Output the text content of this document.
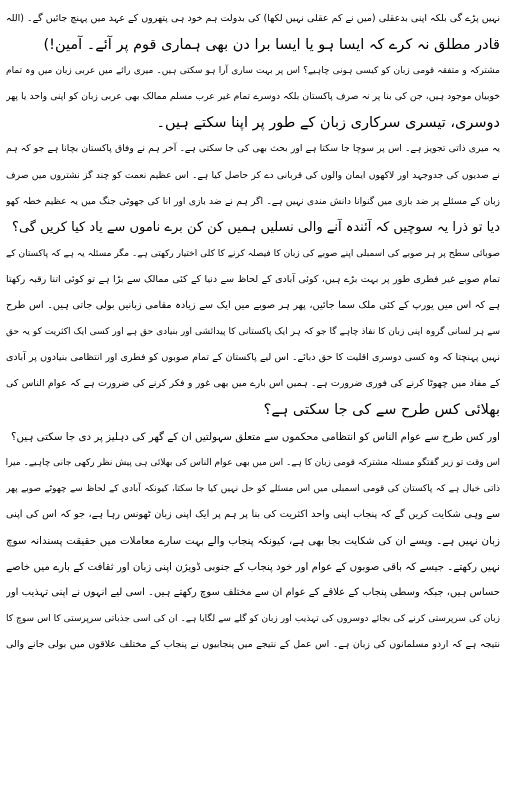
نہیں پڑے گی بلکہ اپنی بدعقلی (میں نے کم عقلی نہیں لکھا) کی بدولت ہم خود ہی پتھروں کے عہد میں پہنچ جائیں گے۔ (اللہ
قادر مطلق نہ کرے کہ ایسا ہو یا ایسا برا دن بھی ہماری قوم پر آئے۔ آمین!)
مشترکہ و متفقہ قومی زبان کو کیسی ہونی چاہیے؟ اس پر بہت ساری آرا ہو سکتی ہیں۔ میری رائے میں عربی زبان میں وہ تمام
خوبیاں موجود ہیں، جن کی بنا پر نہ صرف پاکستان بلکہ دوسرے تمام غیر عرب مسلم ممالک بھی عربی زبان کو اپنی واحد یا پھر
دوسری، تیسری سرکاری زبان کے طور پر اپنا سکتے ہیں۔
یہ میری ذاتی تجویز ہے۔ اس پر سوچا جا سکتا ہے اور بحث بھی کی جا سکتی ہے۔ آخر ہم نے وفاق پاکستان بچانا ہے جو کہ ہم
نے صدیوں کی جدوجہد اور لاکھوں ایمان والوں کی قربانی دے کر حاصل کیا ہے۔ اس عظیم نعمت کو چند گز نشتروں میں صرف
زبان کے مسئلے پر ضد بازی میں گنوانا دانش مندی نہیں ہے۔ اگر ہم نے ضد بازی اور انا کی جھوٹی جنگ میں یہ عظیم خطہ کھو
دیا تو ذرا یہ سوچیں کہ آئندہ آنے والی نسلیں ہمیں کن کن برے ناموں سے یاد کیا کریں گی؟
صوبائی سطح پر ہر صوبے کی اسمبلی اپنے صوبے کی زبان کا فیصلہ کرنے کا کلی اختیار رکھتی ہے۔ مگر مسئلہ یہ ہے کہ پاکستان کے
تمام صوبے غیر فطری طور پر بہت بڑے ہیں، کوئی آبادی کے لحاظ سے دنیا کے کئی ممالک سے بڑا ہے تو کوئی اتنا رقبہ رکھتا
ہے کہ اس میں یورپ کے کئی ملک سما جائیں، پھر ہر صوبے میں ایک سے زیادہ مقامی زبانیں بولی جاتی ہیں۔ اس طرح
سے ہر لسانی گروہ اپنی زبان کا نفاذ چاہے گا جو کہ ہر ایک پاکستانی کا پیدائشی اور بنیادی حق ہے اور کسی ایک اکثریت کو یہ حق
نہیں پہنچتا کہ وہ کسی دوسری اقلیت کا حق دبائے۔ اس لیے پاکستان کے تمام صوبوں کو فطری اور انتظامی بنیادوں پر آبادی
کے مفاد میں چھوٹا کرنے کی فوری ضرورت ہے۔ ہمیں اس بارے میں بھی غور و فکر کرنے کی ضرورت ہے کہ عوام الناس کی
بھلائی کس طرح سے کی جا سکتی ہے؟
اور کس طرح سے عوام الناس کو انتظامی محکموں سے متعلق سہولتیں ان کے گھر کی دہلیز پر دی جا سکتی ہیں؟
اس وقت تو زیر گفتگو مسئلہ مشترکہ قومی زبان کا ہے۔ اس میں بھی عوام الناس کی بھلائی ہی پیش نظر رکھی جانی چاہیے۔ میرا
ذاتی خیال ہے کہ پاکستان کی قومی اسمبلی میں اس مسئلے کو حل نہیں کیا جا سکتا، کیونکہ آبادی کے لحاظ سے چھوٹے صوبے پھر
سے وہی شکایت کریں گے کہ پنجاب اپنی واحد اکثریت کی بنا پر ہم پر ایک اپنی زبان ٹھونس رہا ہے، جو کہ اس کی اپنی
زبان نہیں ہے۔ ویسے ان کی شکایت بجا بھی ہے، کیونکہ پنجاب والے بہت سارے معاملات میں حقیقت پسندانہ سوچ
نہیں رکھتے۔ جیسے کہ باقی صوبوں کے عوام اور خود پنجاب کے جنوبی ڈویژن اپنی زبان اور ثقافت کے بارے میں خاصے
حساس ہیں، جبکہ وسطی پنجاب کے علاقے کے عوام ان سے مختلف سوچ رکھتے ہیں۔ اسی لیے انہوں نے اپنی تہذیب اور
زبان کی سرپرستی کرنے کی بجائے دوسروں کی تہذیب اور زبان کو گلے سے لگایا ہے۔ ان کی اسی جذباتی سرپرستی کا اس سوچ کا
نتیجہ ہے کہ اردو مسلمانوں کی زبان ہے۔ اس عمل کے نتیجے میں پنجابیوں نے پنجاب کے مختلف علاقوں میں بولی جانے والی
